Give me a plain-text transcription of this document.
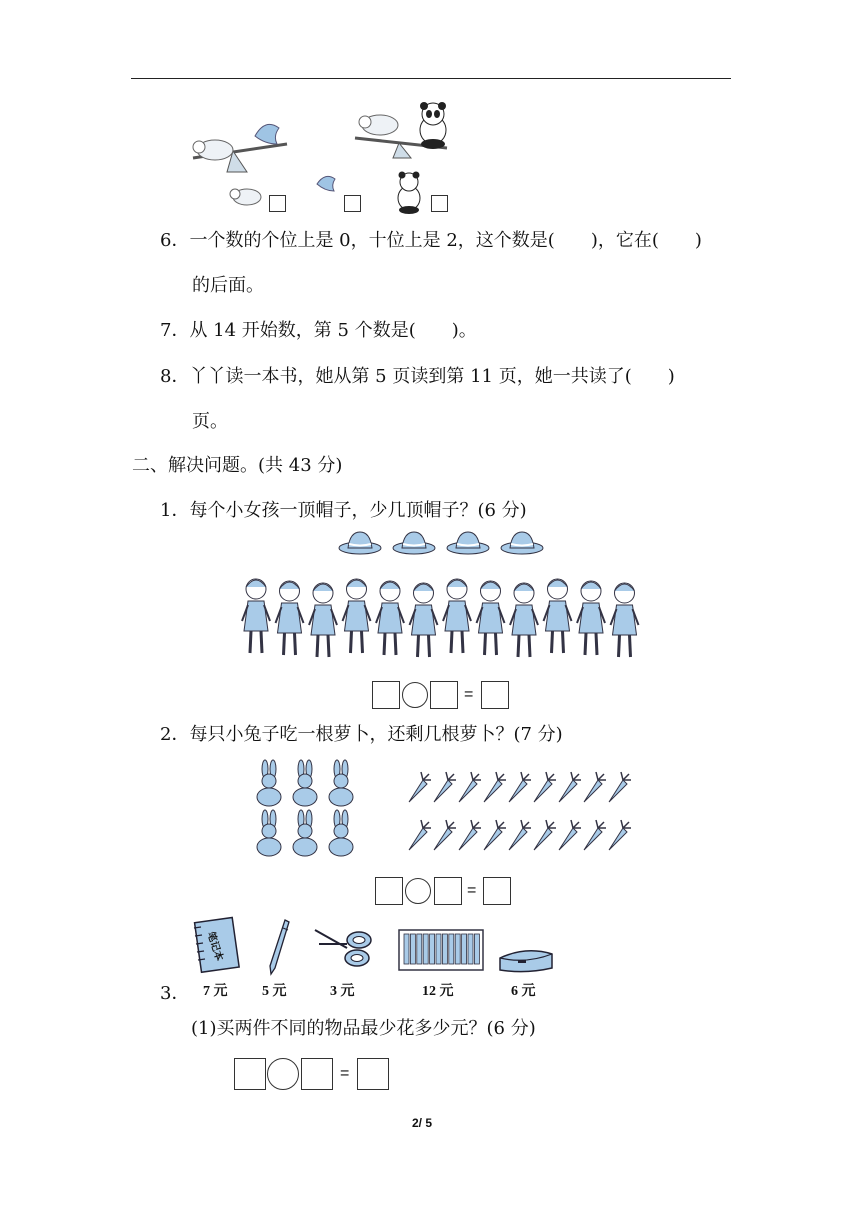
6．一个数的个位上是 0，十位上是 2，这个数是(　　)，它在(　　)
的后面。
7．从 14 开始数，第 5 个数是(　　)。
8．丫丫读一本书，她从第 5 页读到第 11 页，她一共读了(　　)
页。
二、解决问题。(共 43 分)
1．每个小女孩一顶帽子，少几顶帽子？(6 分)
=
2．每只小兔子吃一根萝卜，还剩几根萝卜？(7 分)
=
笔记本
7 元 5 元	3 元	12 元	6 元
3．
(1)买两件不同的物品最少花多少元？(6 分)
=
2/ 5
